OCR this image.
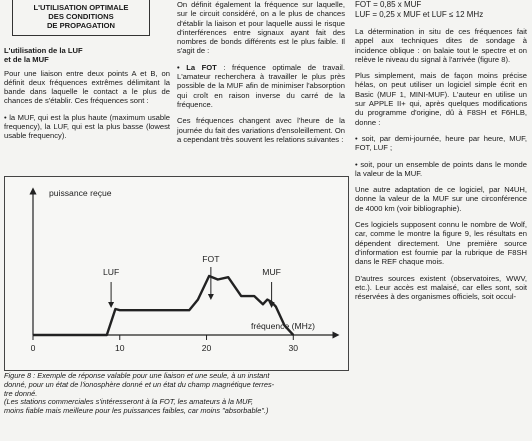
L'UTILISATION OPTIMALE
DES CONDITIONS
DE PROPAGATION
L'utilisation de la LUF
et de la MUF

Pour une liaison entre deux points A et B, on définit deux fréquences extrêmes délimitant la bande dans laquelle le contact a le plus de chances de s'établir. Ces fréquences sont :

• la MUF, qui est la plus haute (maximum usable frequency), la LUF, qui est la plus basse (lowest usable frequency).

On définit également la fréquence sur laquelle, sur le circuit considéré, on a le plus de chances d'établir la liaison et pour laquelle aussi le risque d'interférences entre signaux ayant fait des nombres de bonds différents est le plus faible. Il s'agit de :

• La FOT : fréquence optimale de travail. L'amateur recherchera à travailler le plus près possible de la MUF afin de minimiser l'absorption qui croît en raison inverse du carré de la fréquence.

Ces fréquences changent avec l'heure de la journée du fait des variations d'ensoleillement. On a cependant très souvent les relations suivantes :

FOT = 0,85 x MUF
LUF = 0,25 x MUF et LUF ≤ 12 MHz

La détermination in situ de ces fréquences fait appel aux techniques dites de sondage à incidence oblique : on balaie tout le spectre et on relève le niveau du signal à l'arrivée (figure 8).

Plus simplement, mais de façon moins précise hélas, on peut utiliser un logiciel simple écrit en Basic (MUF 1, MINI-MUF). L'auteur en utilise un sur APPLE II+ qui, après quelques modifications du programme d'origine, dû à F8SH et F6HLB, donne :

• soit, par demi-journée, heure par heure, MUF, FOT, LUF ;

• soit, pour un ensemble de points dans le monde la valeur de la MUF.

Une autre adaptation de ce logiciel, par N4UH, donne la valeur de la MUF sur une circonférence de 4000 km (voir bibliographie).

Ces logiciels supposent connu le nombre de Wolf, car, comme le montre la figure 9, les résultats en dépendent directement. Une première source d'information est fournie par la rubrique de F8SH dans le REF chaque mois.

D'autres sources existent (observatoires, WWV, etc.). Leur accès est malaisé, car elles sont, soit réservées à des organismes officiels, soit occul-

puissance reçue
fréquence (MHz)
0	10	20	30
LUF
FOT
MUF
Figure 8 : Exemple de réponse valable pour une liaison et une seule, à un instant
donné, pour un état de l'ionosphère donné et un état du champ magnétique terres-
tre donné.
(Les stations commerciales s'intéresseront à la FOT, les amateurs à la MUF,
moins fiable mais meilleure pour les puissances faibles, car moins "absorbable".)
